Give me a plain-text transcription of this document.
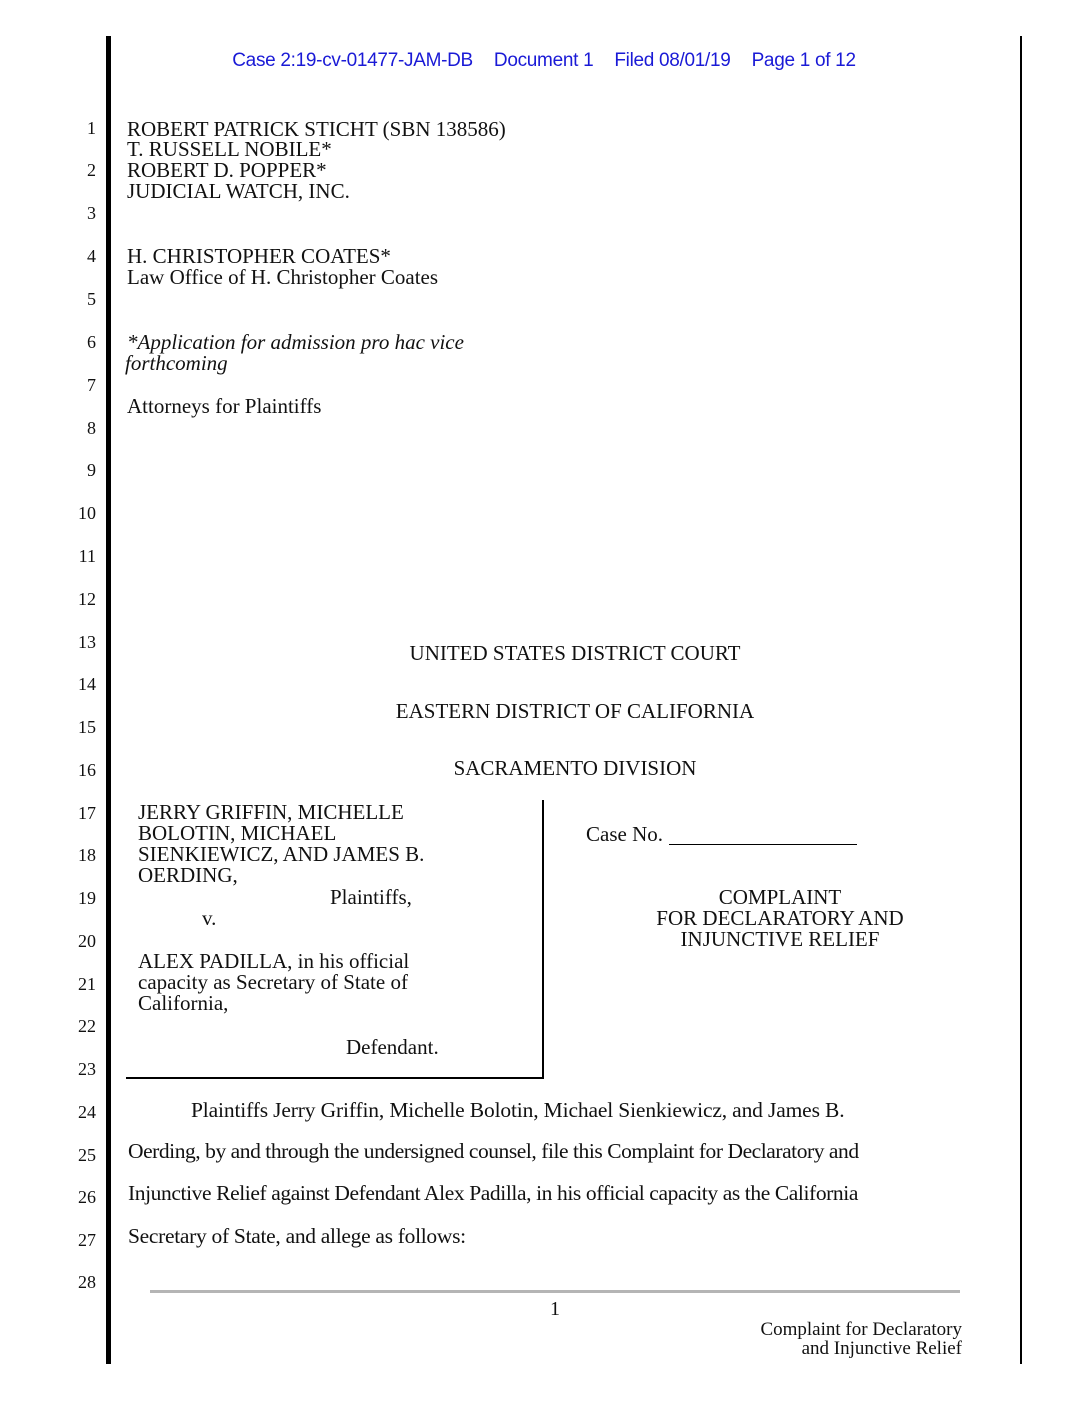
Case 2:19-cv-01477-JAM-DB Document 1 Filed 08/01/19 Page 1 of 12
1
2
3
4
5
6
7
8
9
10
11
12
13
14
15
16
17
18
19
20
21
22
23
24
25
26
27
28
ROBERT PATRICK STICHT (SBN 138586)
T. RUSSELL NOBILE*
ROBERT D. POPPER*
JUDICIAL WATCH, INC.
H. CHRISTOPHER COATES*
Law Office of H. Christopher Coates
*Application for admission pro hac vice
forthcoming
Attorneys for Plaintiffs
UNITED STATES DISTRICT COURT
EASTERN DISTRICT OF CALIFORNIA
SACRAMENTO DIVISION
JERRY GRIFFIN, MICHELLE
BOLOTIN, MICHAEL
SIENKIEWICZ, AND JAMES B.
OERDING,
Plaintiffs,
v.
ALEX PADILLA, in his official
capacity as Secretary of State of
California,
Defendant.
Case No.
COMPLAINT
FOR DECLARATORY AND
INJUNCTIVE RELIEF
Plaintiffs Jerry Griffin, Michelle Bolotin, Michael Sienkiewicz, and James B.
Oerding, by and through the undersigned counsel, file this Complaint for Declaratory and
Injunctive Relief against Defendant Alex Padilla, in his official capacity as the California
Secretary of State, and allege as follows:
1
Complaint for Declaratory
and Injunctive Relief
